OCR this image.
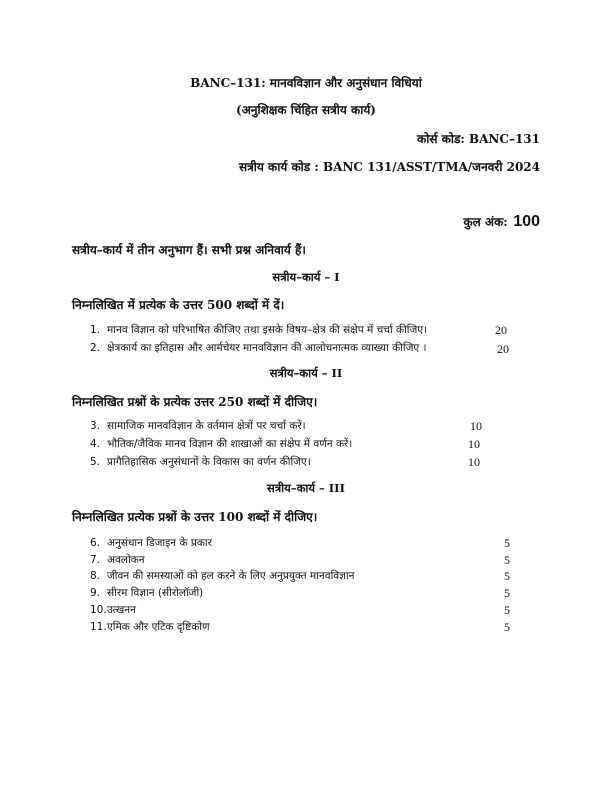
BANC–131: मानवविज्ञान और अनुसंधान विधियां
(अनुशिक्षक चिंहित सत्रीय कार्य)
कोर्स कोड: BANC–131
सत्रीय कार्य कोड : BANC 131/ASST/TMA/जनवरी 2024
कुल अंक: 100
सत्रीय–कार्य में तीन अनुभाग हैं। सभी प्रश्न अनिवार्य हैं।
सत्रीय–कार्य – I
निम्नलिखित में प्रत्येक के उत्तर 500 शब्दों में दें।
1. मानव विज्ञान को परिभाषित कीजिए तथा इसके विषय–क्षेत्र की संक्षेप में चर्चा कीजिए।	20
2. क्षेत्रकार्य का इतिहास और आर्मचेयर मानवविज्ञान की आलोचनात्मक व्याख्या कीजिए ।	20
सत्रीय–कार्य – II
निम्नलिखित प्रश्नों के प्रत्येक उत्तर 250 शब्दों में दीजिए।
3. सामाजिक मानवविज्ञान के वर्तमान क्षेत्रों पर चर्चा करें।	10
4. भौतिक/जैविक मानव विज्ञान की शाखाओं का संक्षेप में वर्णन करें।	10
5. प्रागैतिहासिक अनुसंधानों के विकास का वर्णन कीजिए।	10
सत्रीय–कार्य – III
निम्नलिखित प्रत्येक प्रश्नों के उत्तर 100 शब्दों में दीजिए।
6. अनुसंधान डिजाइन के प्रकार	5
7. अवलोकन	5
8. जीवन की समस्याओं को हल करने के लिए अनुप्रयुक्त मानवविज्ञान	5
9. सीरम विज्ञान (सीरोलॉजी)	5
10. उत्खनन	5
11. एमिक और एटिक दृष्टिकोण	5
